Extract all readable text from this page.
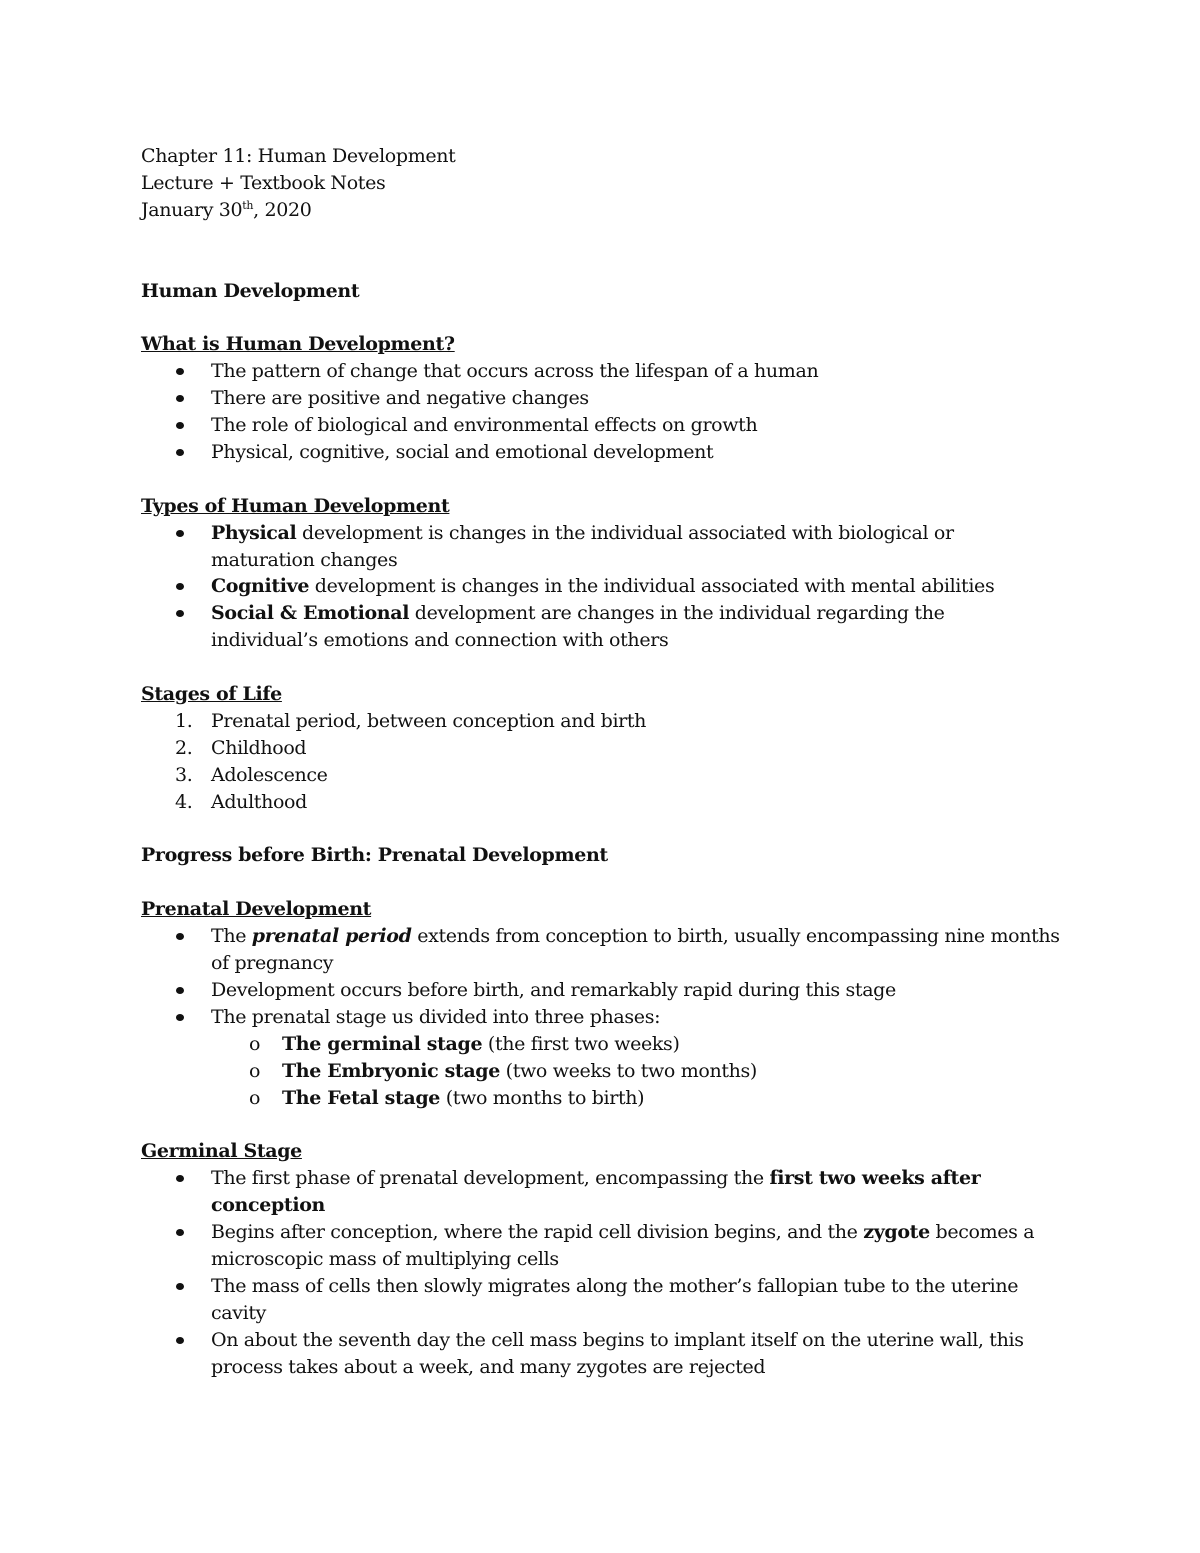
Chapter 11: Human Development
Lecture + Textbook Notes
January 30th, 2020
Human Development
What is Human Development?
The pattern of change that occurs across the lifespan of a human
There are positive and negative changes
The role of biological and environmental effects on growth
Physical, cognitive, social and emotional development
Types of Human Development
Physical development is changes in the individual associated with biological or
maturation changes
Cognitive development is changes in the individual associated with mental abilities
Social & Emotional development are changes in the individual regarding the
individual’s emotions and connection with others
Stages of Life
1. Prenatal period, between conception and birth
2. Childhood
3. Adolescence
4. Adulthood
Progress before Birth: Prenatal Development
Prenatal Development
The prenatal period extends from conception to birth, usually encompassing nine months
of pregnancy
Development occurs before birth, and remarkably rapid during this stage
The prenatal stage us divided into three phases:
o The germinal stage (the first two weeks)
o The Embryonic stage (two weeks to two months)
o The Fetal stage (two months to birth)
Germinal Stage
The first phase of prenatal development, encompassing the first two weeks after
conception
Begins after conception, where the rapid cell division begins, and the zygote becomes a
microscopic mass of multiplying cells
The mass of cells then slowly migrates along the mother’s fallopian tube to the uterine
cavity
On about the seventh day the cell mass begins to implant itself on the uterine wall, this
process takes about a week, and many zygotes are rejected
